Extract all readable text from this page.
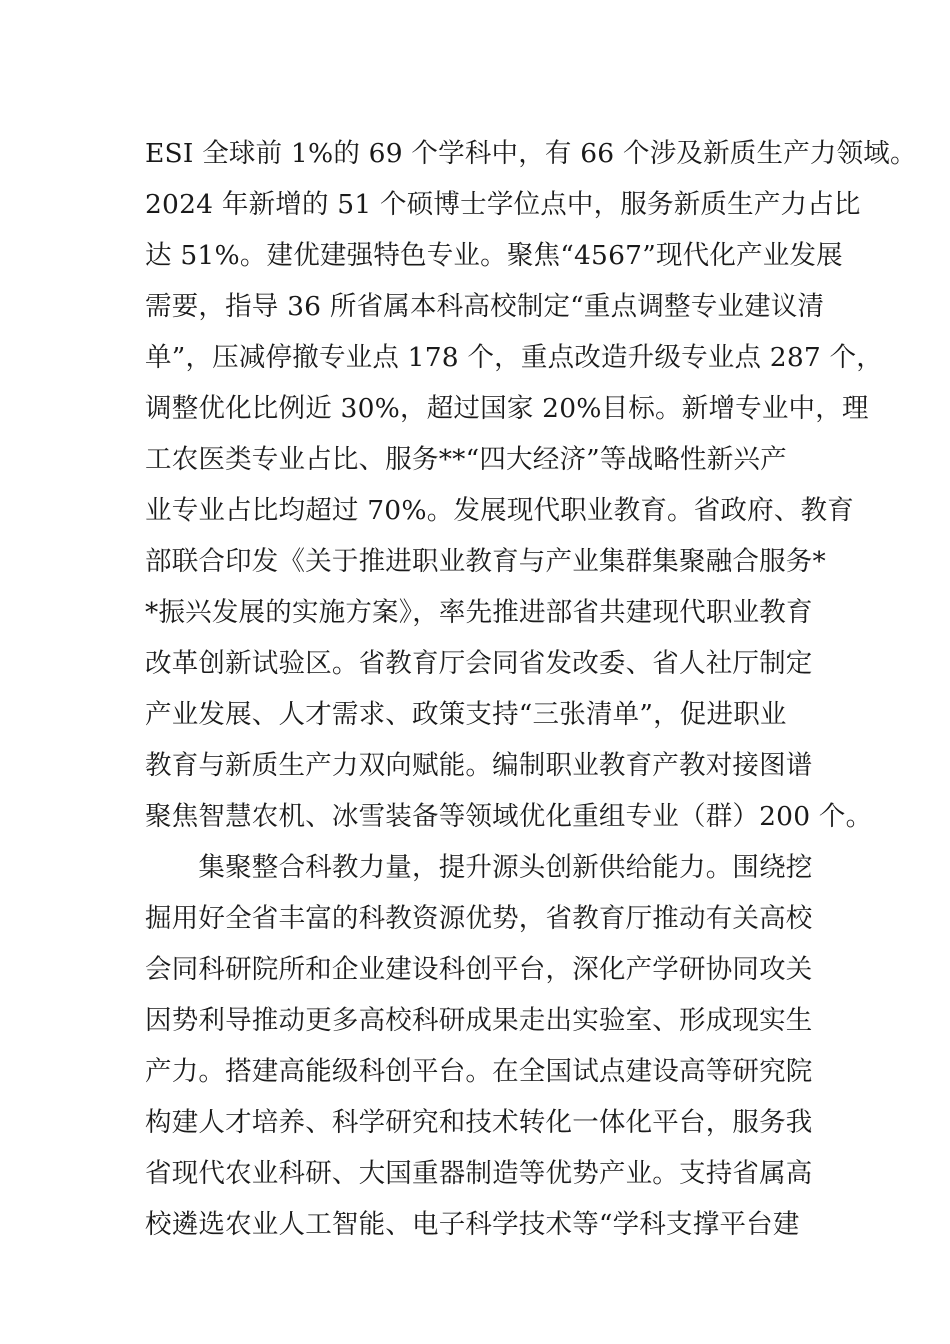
ESI 全球前 1%的 69 个学科中，有 66 个涉及新质生产力领域。
2024 年新增的 51 个硕博士学位点中，服务新质生产力占比
达 51%。建优建强特色专业。聚焦“4567”现代化产业发展
需要，指导 36 所省属本科高校制定“重点调整专业建议清
单”，压减停撤专业点 178 个，重点改造升级专业点 287 个，
调整优化比例近 30%，超过国家 20%目标。新增专业中，理
工农医类专业占比、服务**“四大经济”等战略性新兴产
业专业占比均超过 70%。发展现代职业教育。省政府、教育
部联合印发《关于推进职业教育与产业集群集聚融合服务*
*振兴发展的实施方案》，率先推进部省共建现代职业教育
改革创新试验区。省教育厅会同省发改委、省人社厅制定
产业发展、人才需求、政策支持“三张清单”，促进职业
教育与新质生产力双向赋能。编制职业教育产教对接图谱
聚焦智慧农机、冰雪装备等领域优化重组专业（群）200 个。
　　集聚整合科教力量，提升源头创新供给能力。围绕挖
掘用好全省丰富的科教资源优势，省教育厅推动有关高校
会同科研院所和企业建设科创平台，深化产学研协同攻关
因势利导推动更多高校科研成果走出实验室、形成现实生
产力。搭建高能级科创平台。在全国试点建设高等研究院
构建人才培养、科学研究和技术转化一体化平台，服务我
省现代农业科研、大国重器制造等优势产业。支持省属高
校遴选农业人工智能、电子科学技术等“学科支撑平台建
